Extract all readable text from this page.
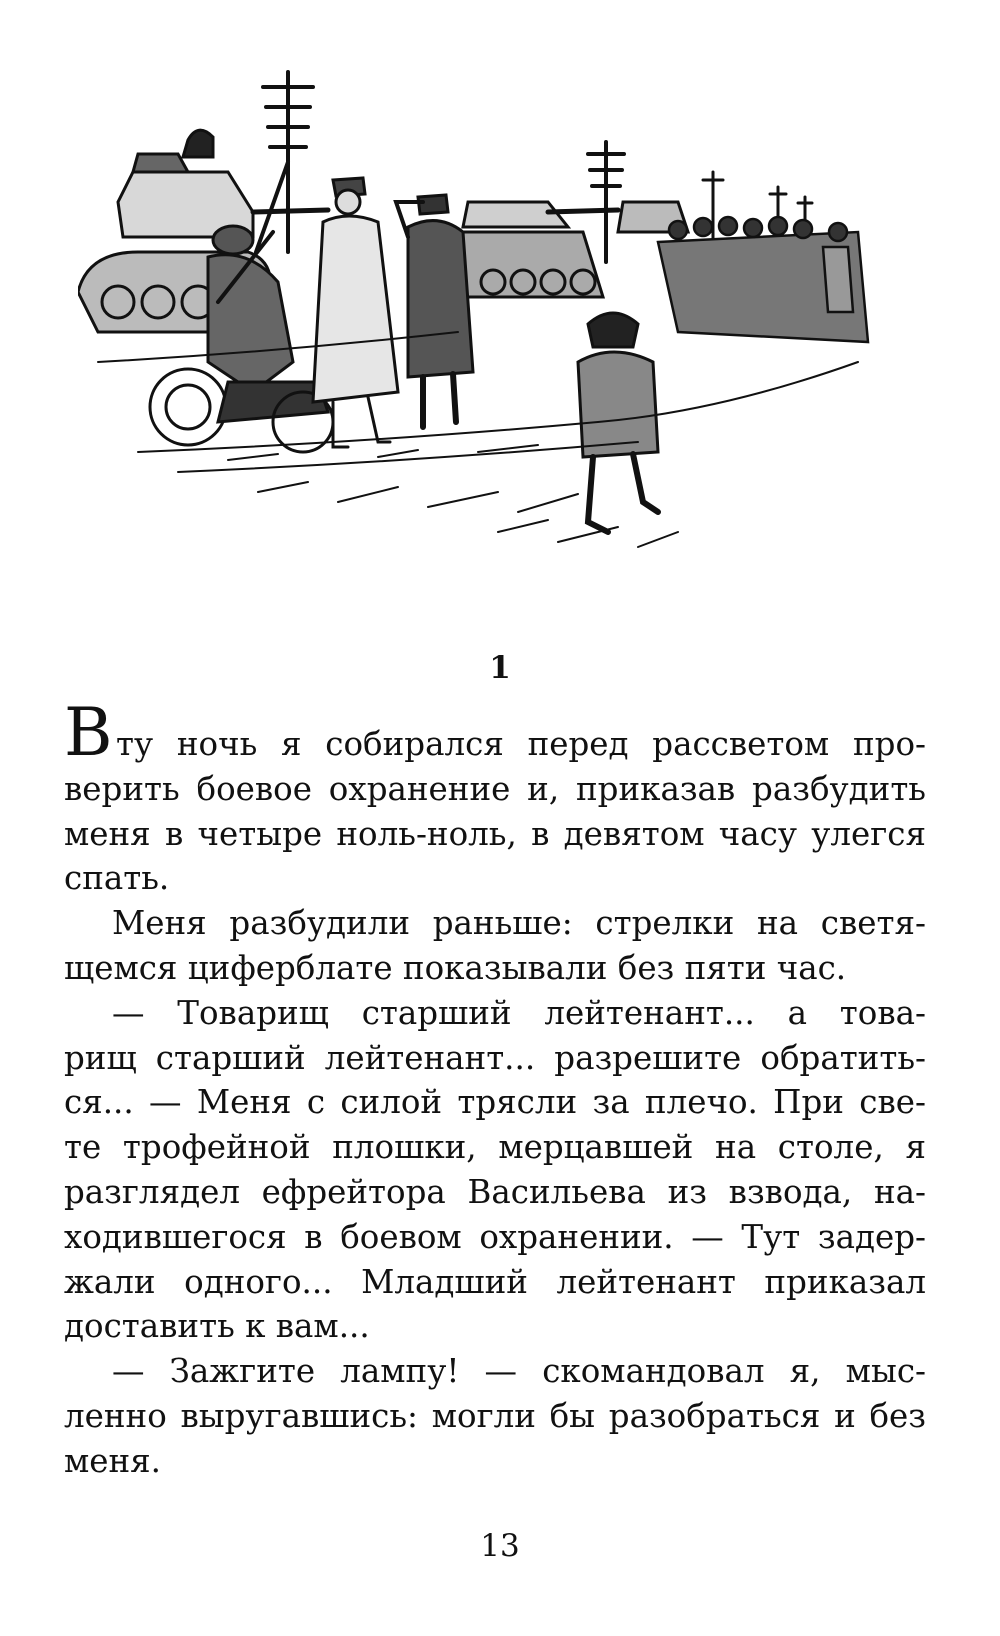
1
В ту ночь я собирался перед рассветом про-
верить боевое охранение и, приказав разбудить
меня в четыре ноль-ноль, в девятом часу улегся
спать.
Меня разбудили раньше: стрелки на светя-
щемся циферблате показывали без пяти час.
— Товарищ старший лейтенант... а това-
рищ старший лейтенант... разрешите обратить-
ся... — Меня с силой трясли за плечо. При све-
те трофейной плошки, мерцавшей на столе, я
разглядел ефрейтора Васильева из взвода, на-
ходившегося в боевом охранении. — Тут задер-
жали одного... Младший лейтенант приказал
доставить к вам...
— Зажгите лампу! — скомандовал я, мыс-
ленно выругавшись: могли бы разобраться и без
меня.
13
